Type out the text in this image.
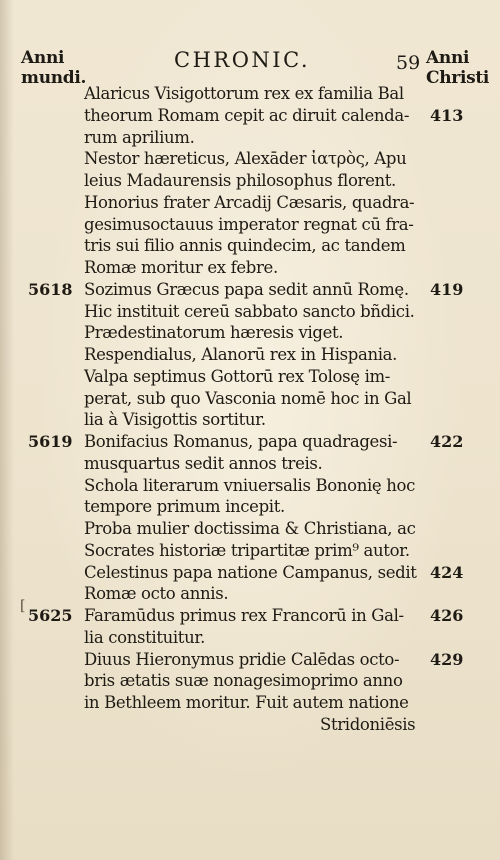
Anni
mundi.
CHRONIC.	59 Anni
Christi
Alaricus Visigottorum rex ex familia Bal
theorum Romam cepit ac diruit calenda- 413
rum aprilium.
Nestor hæreticus, Alexāder ἰατρὸς, Apu
leius Madaurensis philosophus florent.
Honorius frater Arcadij Cæsaris, quadra-
gesimusoctauus imperator regnat cū fra-
tris sui filio annis quindecim, ac tandem
Romæ moritur ex febre.
5618 Sozimus Græcus papa sedit annū Romę. 419
Hic instituit cereū sabbato sancto bñdici.
Prædestinatorum hæresis viget.
Respendialus, Alanorū rex in Hispania.
Valpa septimus Gottorū rex Tolosę im-
perat, sub quo Vasconia nomē hoc in Gal
lia à Visigottis sortitur.
5619 Bonifacius Romanus, papa quadragesi- 422
musquartus sedit annos treis.
Schola literarum vniuersalis Bononię hoc
tempore primum incepit.
Proba mulier doctissima & Christiana, ac
Socrates historiæ tripartitæ prim⁹ autor.
Celestinus papa natione Campanus, sedit 424
Romæ octo annis.
5625 Faramūdus primus rex Francorū in Gal- 426
lia constituitur.
Diuus Hieronymus pridie Calēdas octo- 429
bris ætatis suæ nonagesimoprimo anno
in Bethleem moritur. Fuit autem natione
Stridoniēsis
[
